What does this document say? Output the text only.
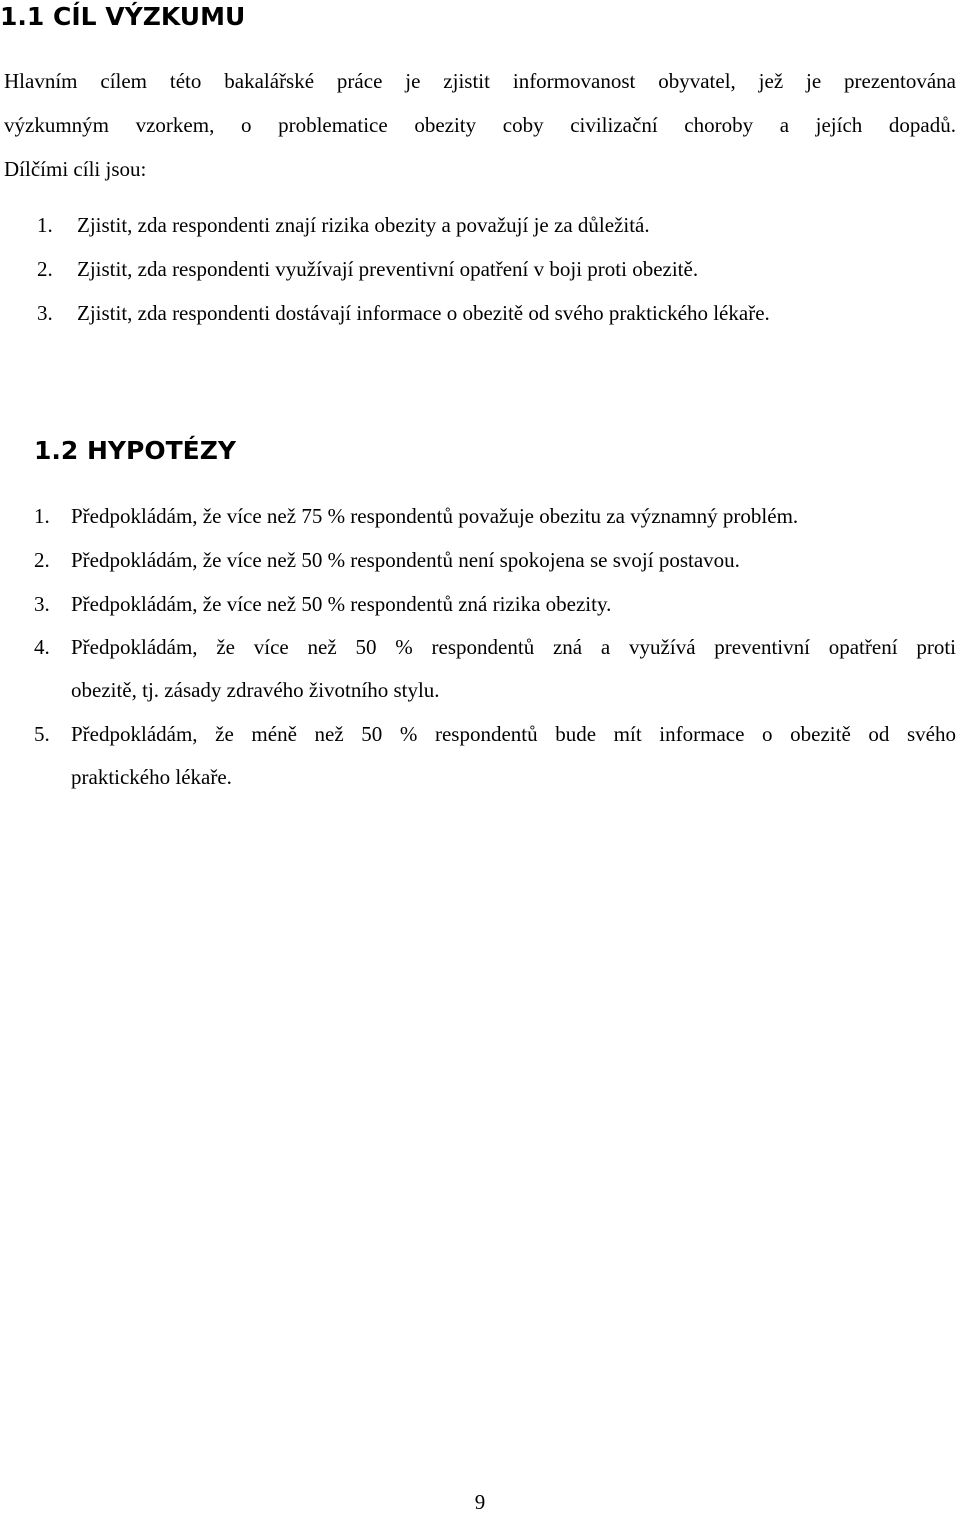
1.1 CÍL VÝZKUMU
Hlavním cílem této bakalářské práce je zjistit informovanost obyvatel, jež je prezentována
výzkumným vzorkem, o problematice obezity coby civilizační choroby a jejích dopadů.
Dílčími cíli jsou:
1. Zjistit, zda respondenti znají rizika obezity a považují je za důležitá.
2. Zjistit, zda respondenti využívají preventivní opatření v boji proti obezitě.
3. Zjistit, zda respondenti dostávají informace o obezitě od svého praktického lékaře.
1.2 HYPOTÉZY
1. Předpokládám, že více než 75 % respondentů považuje obezitu za významný problém.
2. Předpokládám, že více než 50 % respondentů není spokojena se svojí postavou.
3. Předpokládám, že více než 50 % respondentů zná rizika obezity.
4. Předpokládám, že více než 50 % respondentů zná a využívá preventivní opatření proti
obezitě, tj. zásady zdravého životního stylu.
5. Předpokládám, že méně než 50 % respondentů bude mít informace o obezitě od svého
praktického lékaře.
9
